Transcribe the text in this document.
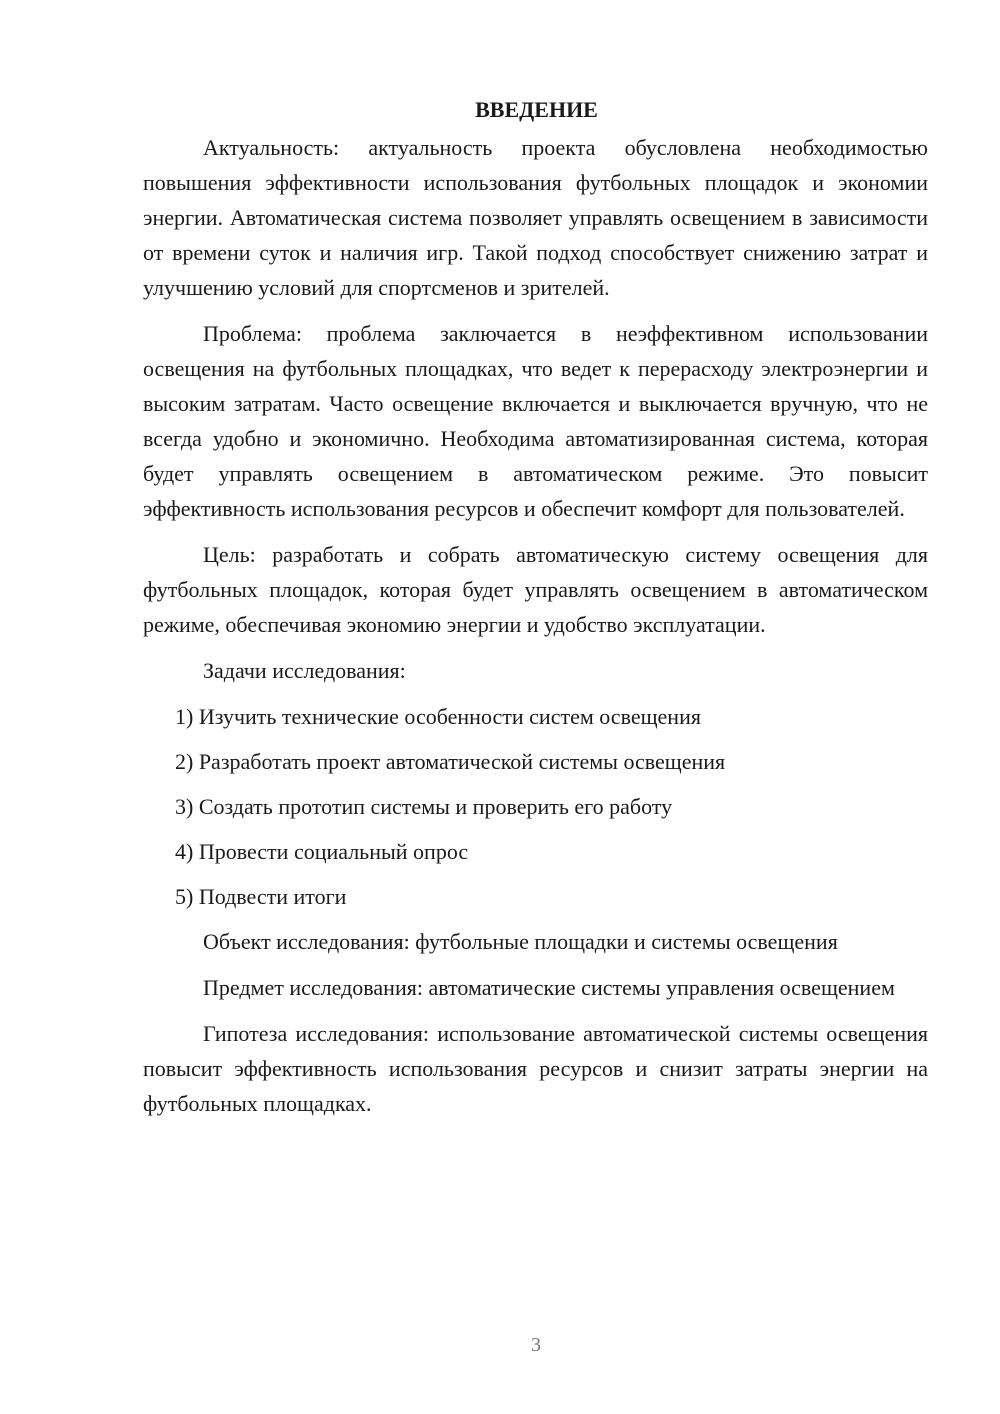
ВВЕДЕНИЕ

Актуальность: актуальность проекта обусловлена необходимостью повышения эффективности использования футбольных площадок и экономии энергии. Автоматическая система позволяет управлять освещением в зависимости от времени суток и наличия игр. Такой подход способствует снижению затрат и улучшению условий для спортсменов и зрителей.

Проблема: проблема заключается в неэффективном использовании освещения на футбольных площадках, что ведет к перерасходу электроэнергии и высоким затратам. Часто освещение включается и выключается вручную, что не всегда удобно и экономично. Необходима автоматизированная система, которая будет управлять освещением в автоматическом режиме. Это повысит эффективность использования ресурсов и обеспечит комфорт для пользователей.

Цель: разработать и собрать автоматическую систему освещения для футбольных площадок, которая будет управлять освещением в автоматическом режиме, обеспечивая экономию энергии и удобство эксплуатации.

Задачи исследования:

1) Изучить технические особенности систем освещения
2) Разработать проект автоматической системы освещения
3) Создать прототип системы и проверить его работу
4) Провести социальный опрос
5) Подвести итоги

Объект исследования: футбольные площадки и системы освещения

Предмет исследования: автоматические системы управления освещением

Гипотеза исследования: использование автоматической системы освещения повысит эффективность использования ресурсов и снизит затраты энергии на футбольных площадках.

3
